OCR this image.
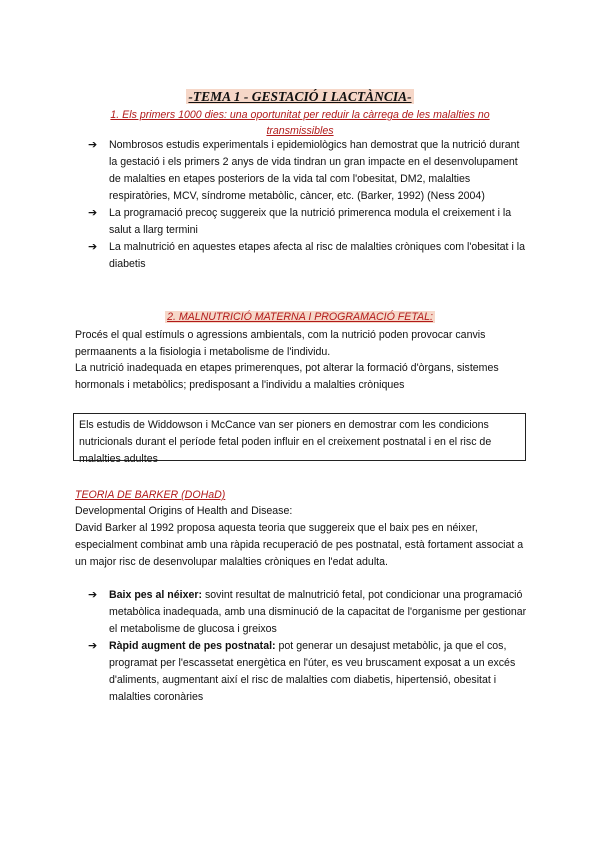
-TEMA 1 - GESTACIÓ I LACTÀNCIA-
1. Els primers 1000 dies: una oportunitat per reduir la càrrega de les malalties no transmissibles
➔ Nombrosos estudis experimentals i epidemiològics han demostrat que la nutrició durant la gestació i els primers 2 anys de vida tindran un gran impacte en el desenvolupament de malalties en etapes posteriors de la vida tal com l'obesitat, DM2, malalties respiratòries, MCV, síndrome metabòlic, càncer, etc. (Barker, 1992) (Ness 2004)
➔ La programació precoç suggereix que la nutrició primerenca modula el creixement i la salut a llarg termini
➔ La malnutrició en aquestes etapes afecta al risc de malalties cròniques com l'obesitat i la diabetis
2. MALNUTRICIÓ MATERNA I PROGRAMACIÓ FETAL:

Procés el qual estímuls o agressions ambientals, com la nutrició poden provocar canvis permaanents a la fisiologia i metabolisme de l'individu.

La nutrició inadequada en etapes primerenques, pot alterar la formació d'òrgans, sistemes hormonals i metabòlics; predisposant a l'individu a malalties cròniques

Els estudis de Widdowson i McCance van ser pioners en demostrar com les condicions nutricionals durant el període fetal poden influir en el creixement postnatal i en el risc de malalties adultes
TEORIA DE BARKER (DOHaD)

Developmental Origins of Health and Disease:

David Barker al 1992 proposa aquesta teoria que suggereix que el baix pes en néixer, especialment combinat amb una ràpida recuperació de pes postnatal, està fortament associat a un major risc de desenvolupar malalties cròniques en l'edat adulta.

➔ Baix pes al néixer: sovint resultat de malnutrició fetal, pot condicionar una programació metabòlica inadequada, amb una disminució de la capacitat de l'organisme per gestionar el metabolisme de glucosa i greixos
➔ Ràpid augment de pes postnatal: pot generar un desajust metabòlic, ja que el cos, programat per l'escassetat energètica en l'úter, es veu bruscament exposat a un excés d'aliments, augmentant així el risc de malalties com diabetis, hipertensió, obesitat i malalties coronàries
